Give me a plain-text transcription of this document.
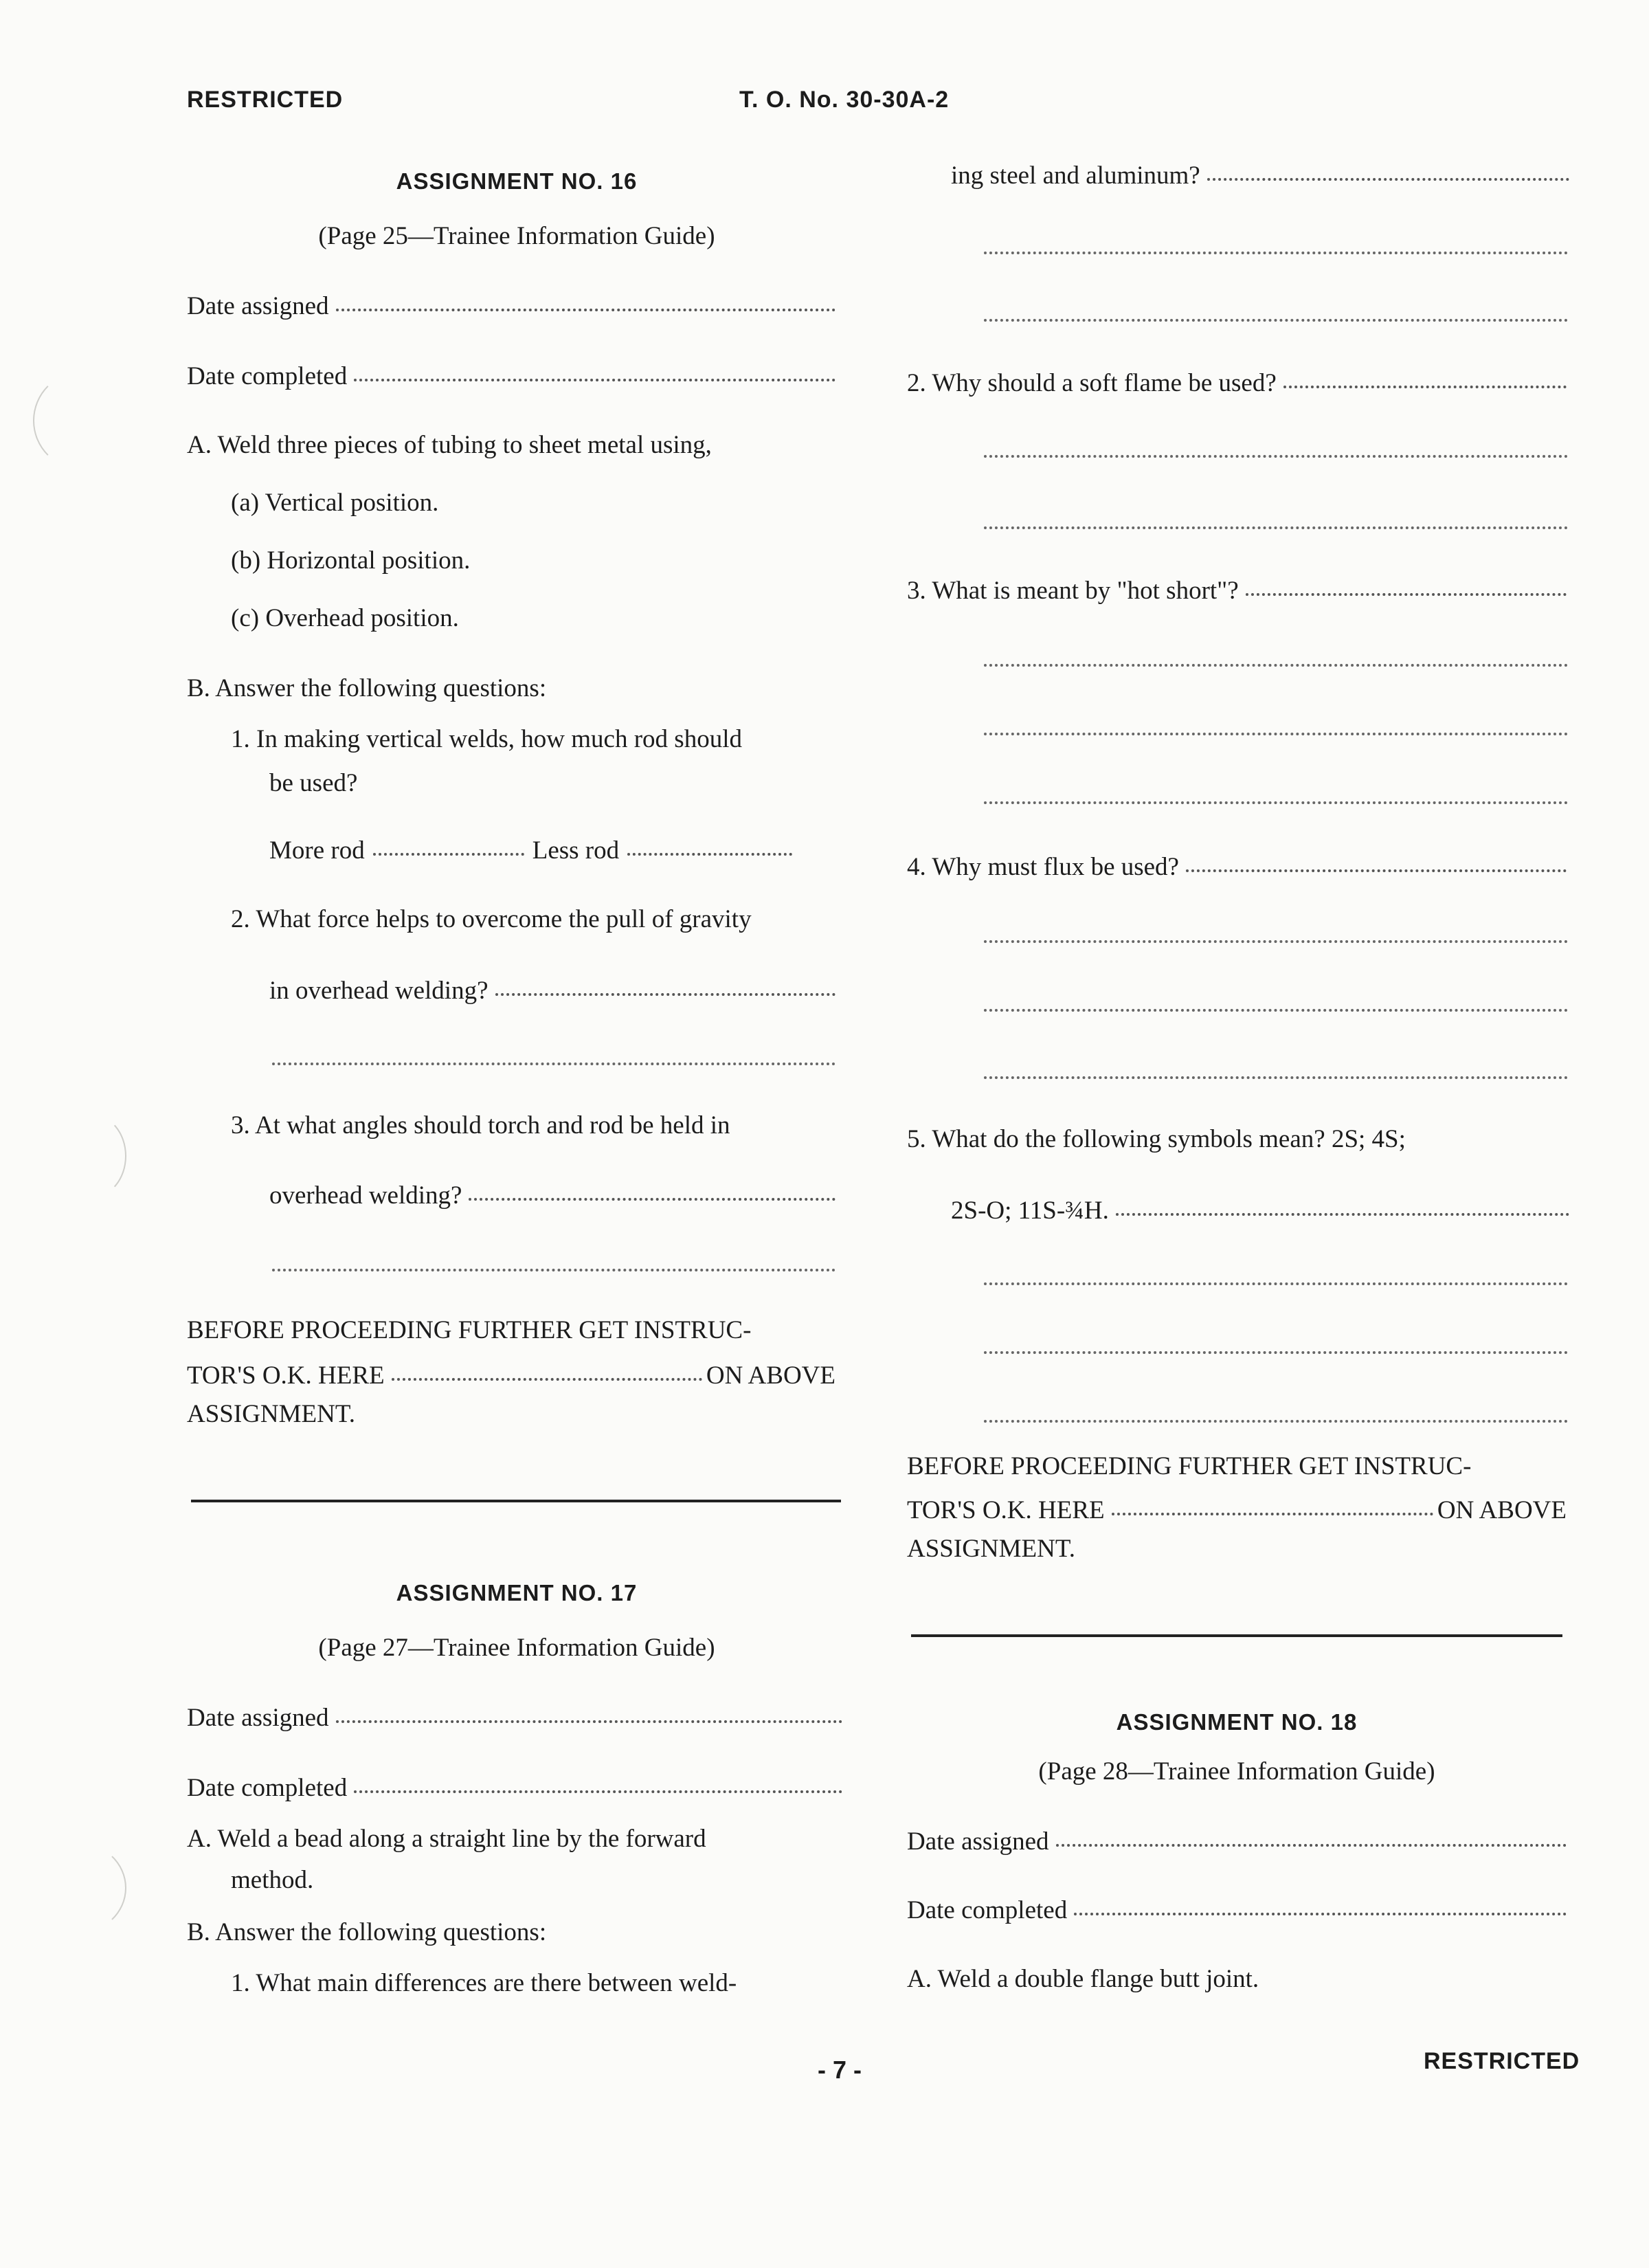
RESTRICTED	T. O. No. 30-30A-2
ASSIGNMENT NO. 16
(Page 25—Trainee Information Guide)
Date assigned
Date completed
A. Weld three pieces of tubing to sheet metal using,
(a) Vertical position.
(b) Horizontal position.
(c) Overhead position.
B. Answer the following questions:
1. In making vertical welds, how much rod should
be used?
More rod	Less rod
2. What force helps to overcome the pull of gravity
in overhead welding?
3. At what angles should torch and rod be held in
overhead welding?
BEFORE PROCEEDING FURTHER GET INSTRUC-
TOR'S O.K. HERE	ON ABOVE
ASSIGNMENT.
ASSIGNMENT NO. 17
(Page 27—Trainee Information Guide)
Date assigned
Date completed
A. Weld a bead along a straight line by the forward
method.
B. Answer the following questions:
1. What main differences are there between weld-
- 7 -
ing steel and aluminum?
2. Why should a soft flame be used?
3. What is meant by "hot short"?
4. Why must flux be used?
5. What do the following symbols mean? 2S; 4S;
2S-O; 11S-¾H.
BEFORE PROCEEDING FURTHER GET INSTRUC-
TOR'S O.K. HERE	ON ABOVE
ASSIGNMENT.
ASSIGNMENT NO. 18
(Page 28—Trainee Information Guide)
Date assigned
Date completed
A. Weld a double flange butt joint.
RESTRICTED
